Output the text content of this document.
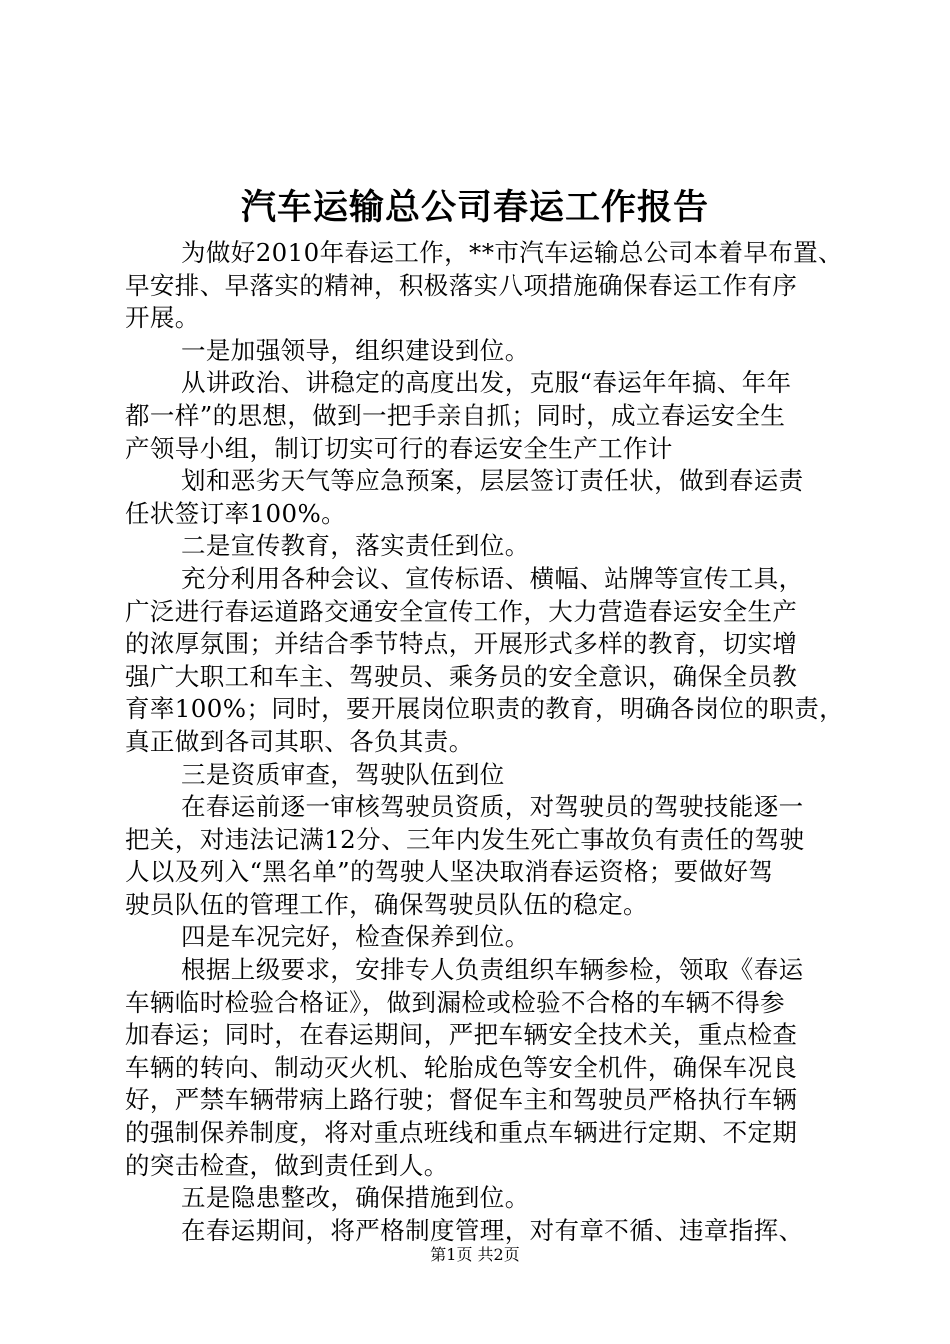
汽车运输总公司春运工作报告
为做好2010年春运工作，**市汽车运输总公司本着早布置、
早安排、早落实的精神，积极落实八项措施确保春运工作有序
开展。
一是加强领导，组织建设到位。
从讲政治、讲稳定的高度出发，克服“春运年年搞、年年
都一样”的思想，做到一把手亲自抓；同时，成立春运安全生
产领导小组，制订切实可行的春运安全生产工作计
划和恶劣天气等应急预案，层层签订责任状，做到春运责
任状签订率100%。
二是宣传教育，落实责任到位。
充分利用各种会议、宣传标语、横幅、站牌等宣传工具，
广泛进行春运道路交通安全宣传工作，大力营造春运安全生产
的浓厚氛围；并结合季节特点，开展形式多样的教育，切实增
强广大职工和车主、驾驶员、乘务员的安全意识，确保全员教
育率100%；同时，要开展岗位职责的教育，明确各岗位的职责，
真正做到各司其职、各负其责。
三是资质审查，驾驶队伍到位
在春运前逐一审核驾驶员资质，对驾驶员的驾驶技能逐一
把关，对违法记满12分、三年内发生死亡事故负有责任的驾驶
人以及列入“黑名单”的驾驶人坚决取消春运资格；要做好驾
驶员队伍的管理工作，确保驾驶员队伍的稳定。
四是车况完好，检查保养到位。
根据上级要求，安排专人负责组织车辆参检，领取《春运
车辆临时检验合格证》，做到漏检或检验不合格的车辆不得参
加春运；同时，在春运期间，严把车辆安全技术关，重点检查
车辆的转向、制动灭火机、轮胎成色等安全机件，确保车况良
好，严禁车辆带病上路行驶；督促车主和驾驶员严格执行车辆
的强制保养制度，将对重点班线和重点车辆进行定期、不定期
的突击检查，做到责任到人。
五是隐患整改，确保措施到位。
在春运期间，将严格制度管理，对有章不循、违章指挥、
第1页 共2页
